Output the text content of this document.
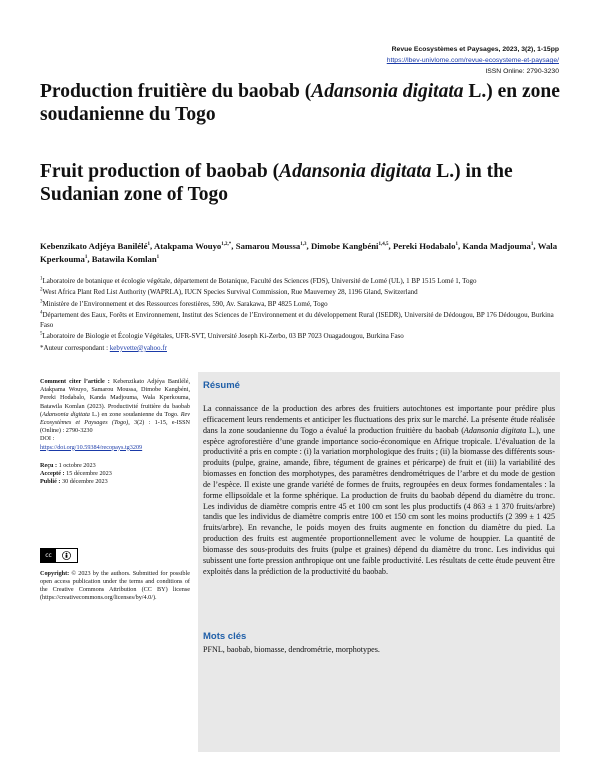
Revue Ecosystèmes et Paysages, 2023, 3(2), 1-15pp
https://lbev-univlome.com/revue-ecosysteme-et-paysage/
ISSN Online: 2790-3230
Production fruitière du baobab (Adansonia digitata L.) en zone soudanienne du Togo
Fruit production of baobab (Adansonia digitata L.) in the Sudanian zone of Togo
Kebenzikato Adjéya Banilélé$^1$, Atakpama Wouyo$^{1,2,*}$, Samarou Moussa$^{1,3}$, Dimobe Kangbéni$^{1,4,5}$, Pereki Hodabalo$^1$, Kanda Madjouma$^1$, Wala Kperkouma$^1$, Batawila Komlan$^1$

$^1$Laboratoire de botanique et écologie végétale, département de Botanique, Faculté des Sciences (FDS), Université de Lomé (UL), 1 BP 1515 Lomé 1, Togo

$^2$West Africa Plant Red List Authority (WAPRLA), IUCN Species Survival Commission, Rue Mauverney 28, 1196 Gland, Switzerland

$^3$Ministère de l’Environnement et des Ressources forestières, 590, Av. Sarakawa, BP 4825 Lomé, Togo

$^4$Département des Eaux, Forêts et Environnement, Institut des Sciences de l’Environnement et du développement Rural (ISEDR), Université de Dédougou, BP 176 Dédougou, Burkina Faso

$^5$Laboratoire de Biologie et Écologie Végétales, UFR-SVT, Université Joseph Ki-Zerbo, 03 BP 7023 Ouagadougou, Burkina Faso

*Auteur correspondant : kebyvette@yahoo.fr

Comment citer l’article : Kebenzikato Adjéya Banilélé, Atakpama Wouyo, Samarou Moussa, Dimobe Kangbéni, Pereki Hodabalo, Kanda Madjouma, Wala Kperkouma, Batawila Komlan (2023). Productivité fruitière du baobab (Adansonia digitata L.) en zone soudanienne du Togo. Rev Ecosystèmes et Paysages (Togo), 3(2) : 1-15, e-ISSN (Online) : 2790-3230
DOI :
https://doi.org/10.59384/recopays.tg3209
Reçu : 1 octobre 2023
Accepté : 15 décembre 2023
Publié : 30 décembre 2023
cc
Copyright: © 2023 by the authors. Submitted for possible open access publication under the terms and conditions of the Creative Commons Attribution (CC BY) license (https://creativecommons.org/licenses/by/4.0/).
Résumé
La connaissance de la production des arbres des fruitiers autochtones est importante pour prédire plus efficacement leurs rendements et anticiper les fluctuations des prix sur le marché. La présente étude réalisée dans la zone soudanienne du Togo a évalué la production fruitière du baobab (Adansonia digitata L.), une espèce agroforestière d’une grande importance socio-économique en Afrique tropicale. L’évaluation de la productivité a pris en compte : (i) la variation morphologique des fruits ; (ii) la biomasse des différents sous-produits (pulpe, graine, amande, fibre, tégument de graines et péricarpe) de fruit et (iii) la variabilité des biomasses en fonction des morphotypes, des paramètres dendrométriques de l’arbre et du mode de gestion de l’espèce. Il existe une grande variété de formes de fruits, regroupées en deux formes fondamentales : la forme ellipsoïdale et la forme sphérique. La production de fruits du baobab dépend du diamètre du tronc. Les individus de diamètre compris entre 45 et 100 cm sont les plus productifs (4 863 ± 1 370 fruits/arbre) tandis que les individus de diamètre compris entre 100 et 150 cm sont les moins productifs (2 399 ± 1 425 fruits/arbre). En revanche, le poids moyen des fruits augmente en fonction du diamètre du pied. La production des fruits est augmentée proportionnellement avec le volume de houppier. La quantité de biomasse des sous-produits des fruits (pulpe et graines) dépend du diamètre du tronc. Les individus qui subissent une forte pression anthropique ont une faible productivité. Les résultats de cette étude peuvent être exploités dans la prédiction de la productivité du baobab.
Mots clés
PFNL, baobab, biomasse, dendrométrie, morphotypes.
